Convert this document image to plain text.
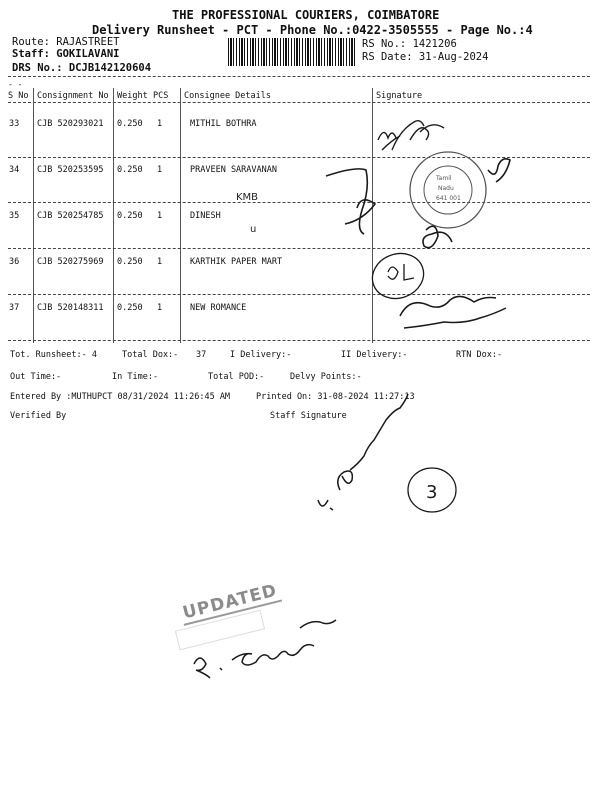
THE PROFESSIONAL COURIERS, COIMBATORE
Delivery Runsheet - PCT - Phone No.:0422-3505555 - Page No.:4
Route: RAJASTREET
Staff: GOKILAVANI
DRS No.: DCJB142120604
RS No.: 1421206
RS Date: 31-Aug-2024
- -
S No Consignment No Weight PCS Consignee Details	Signature
33 CJB 520293021 0.250 1	MITHIL BOTHRA
34 CJB 520253595 0.250 1	PRAVEEN SARAVANAN
35 CJB 520254785 0.250 1	DINESH
36 CJB 520275969 0.250 1	KARTHIK PAPER MART
37 CJB 520148311 0.250 1	NEW ROMANCE
Tot. Runsheet:- 4	Total Dox:- 37	I Delivery:-	II Delivery:-	RTN Dox:-
Out Time:-	In Time:-	Total POD:-	Delvy Points:-
Entered By :MUTHUPCT 08/31/2024 11:26:45 AM	Printed On: 31-08-2024 11:27:13
Verified By	Staff Signature
Tamil
Nadu
641 001
KMB
u
3
UPDATED
